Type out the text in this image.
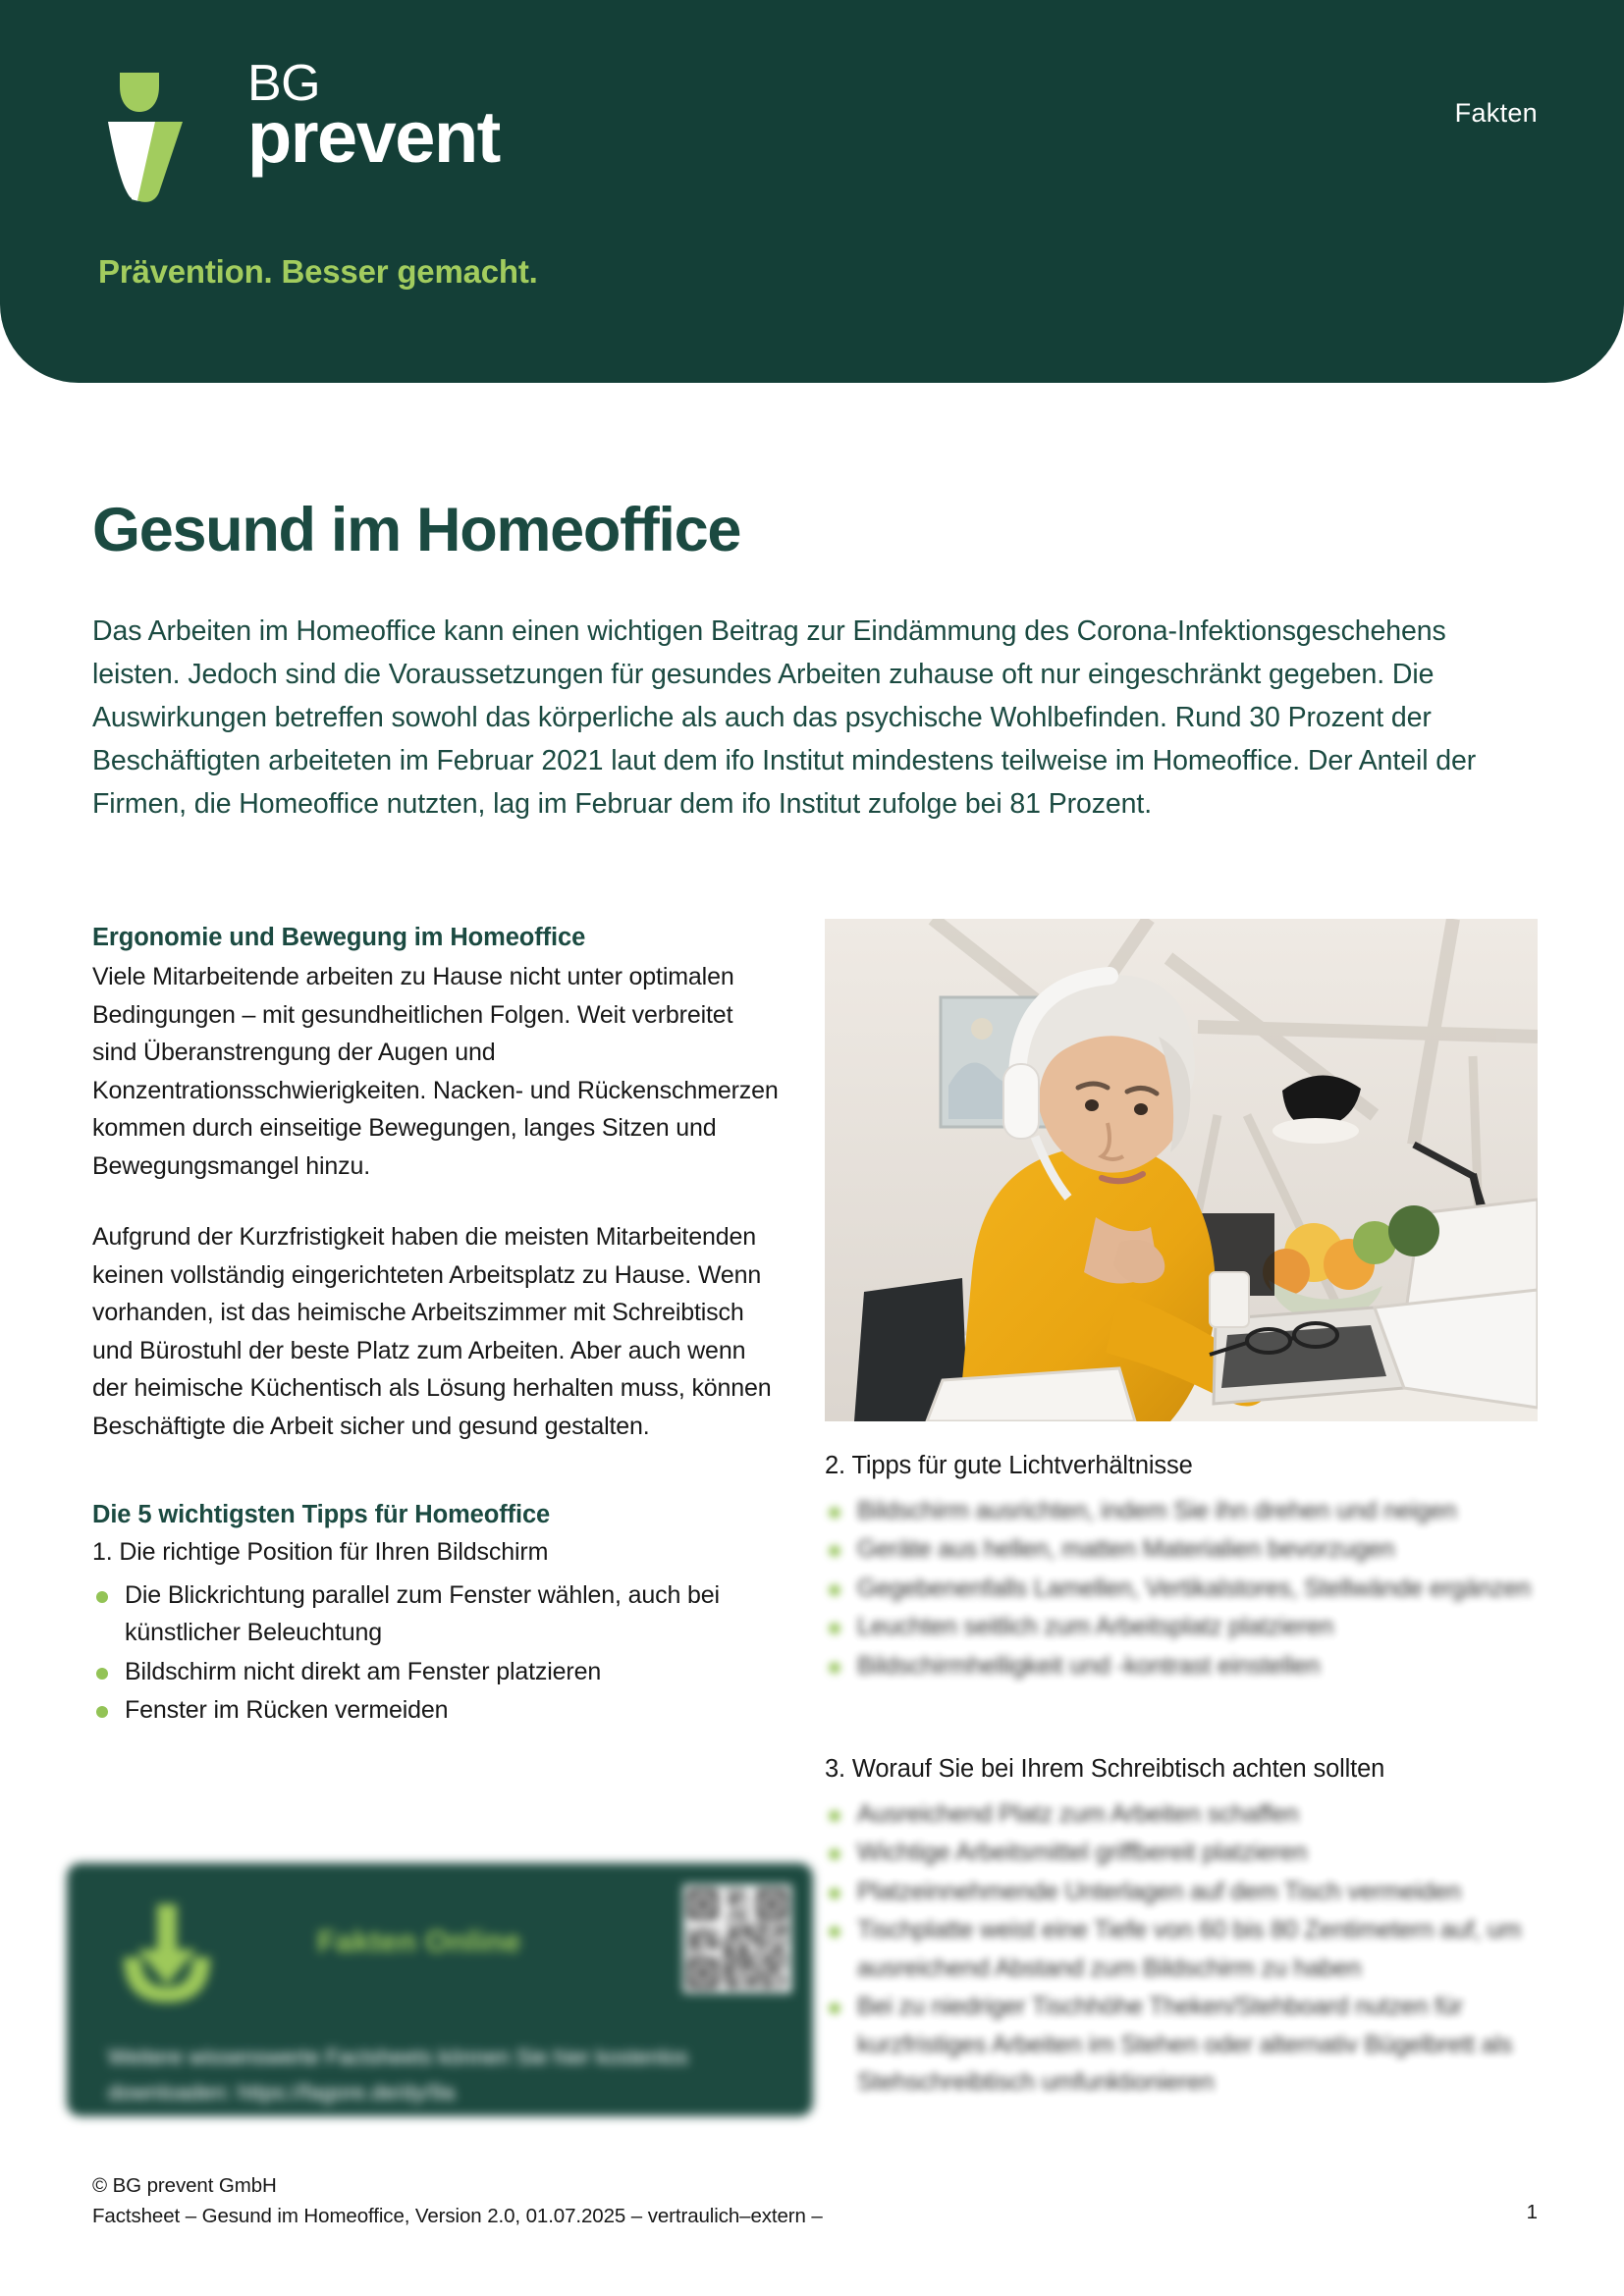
BG
prevent
Prävention. Besser gemacht.
Fakten
Gesund im Homeoffice

Das Arbeiten im Homeoffice kann einen wichtigen Beitrag zur Eindämmung des Corona-Infektionsgeschehens leisten. Jedoch sind die Voraussetzungen für gesundes Arbeiten zuhause oft nur eingeschränkt gegeben. Die Auswirkungen betreffen sowohl das körperliche als auch das psychische Wohlbefinden. Rund 30 Prozent der Beschäftigten arbeiteten im Februar 2021 laut dem ifo Institut mindestens teilweise im Homeoffice. Der Anteil der Firmen, die Homeoffice nutzten, lag im Februar dem ifo Institut zufolge bei 81 Prozent.

Ergonomie und Bewegung im Homeoffice

Viele Mitarbeitende arbeiten zu Hause nicht unter optimalen Bedingungen – mit gesundheitlichen Folgen. Weit verbreitet sind Überanstrengung der Augen und Konzentrationsschwierigkeiten. Nacken- und Rückenschmerzen kommen durch einseitige Bewegungen, langes Sitzen und Bewegungsmangel hinzu.

Aufgrund der Kurzfristigkeit haben die meisten Mitarbeitenden keinen vollständig eingerichteten Arbeitsplatz zu Hause. Wenn vorhanden, ist das heimische Arbeitszimmer mit Schreibtisch und Bürostuhl der beste Platz zum Arbeiten. Aber auch wenn der heimische Küchentisch als Lösung herhalten muss, können Beschäftigte die Arbeit sicher und gesund gestalten.

Die 5 wichtigsten Tipps für Homeoffice

1. Die richtige Position für Ihren Bildschirm

Die Blickrichtung parallel zum Fenster wählen, auch bei künstlicher Beleuchtung
Bildschirm nicht direkt am Fenster platzieren
Fenster im Rücken vermeiden

2. Tipps für gute Lichtverhältnisse

Bildschirm ausrichten, indem Sie ihn drehen und neigen
Geräte aus hellen, matten Materialien bevorzugen
Gegebenenfalls Lamellen, Vertikalstores, Stellwände ergänzen
Leuchten seitlich zum Arbeitsplatz platzieren
Bildschirmhelligkeit und -kontrast einstellen

3. Worauf Sie bei Ihrem Schreibtisch achten sollten

Ausreichend Platz zum Arbeiten schaffen
Wichtige Arbeitsmittel griffbereit platzieren
Platzeinnehmende Unterlagen auf dem Tisch vermeiden
Tischplatte weist eine Tiefe von 60 bis 80 Zentimetern auf, um ausreichend Abstand zum Bildschirm zu haben
Bei zu niedriger Tischhöhe Theken/Stehboard nutzen für kurzfristiges Arbeiten im Stehen oder alternativ Bügelbrett als Stehschreibtisch umfunktionieren
Fakten Online
Weitere wissenswerte Factsheets können Sie hier kostenlos downloaden: https://fagore.de/dy/9a
© BG prevent GmbH
Factsheet – Gesund im Homeoffice, Version 2.0, 01.07.2025 – vertraulich–extern –	1
